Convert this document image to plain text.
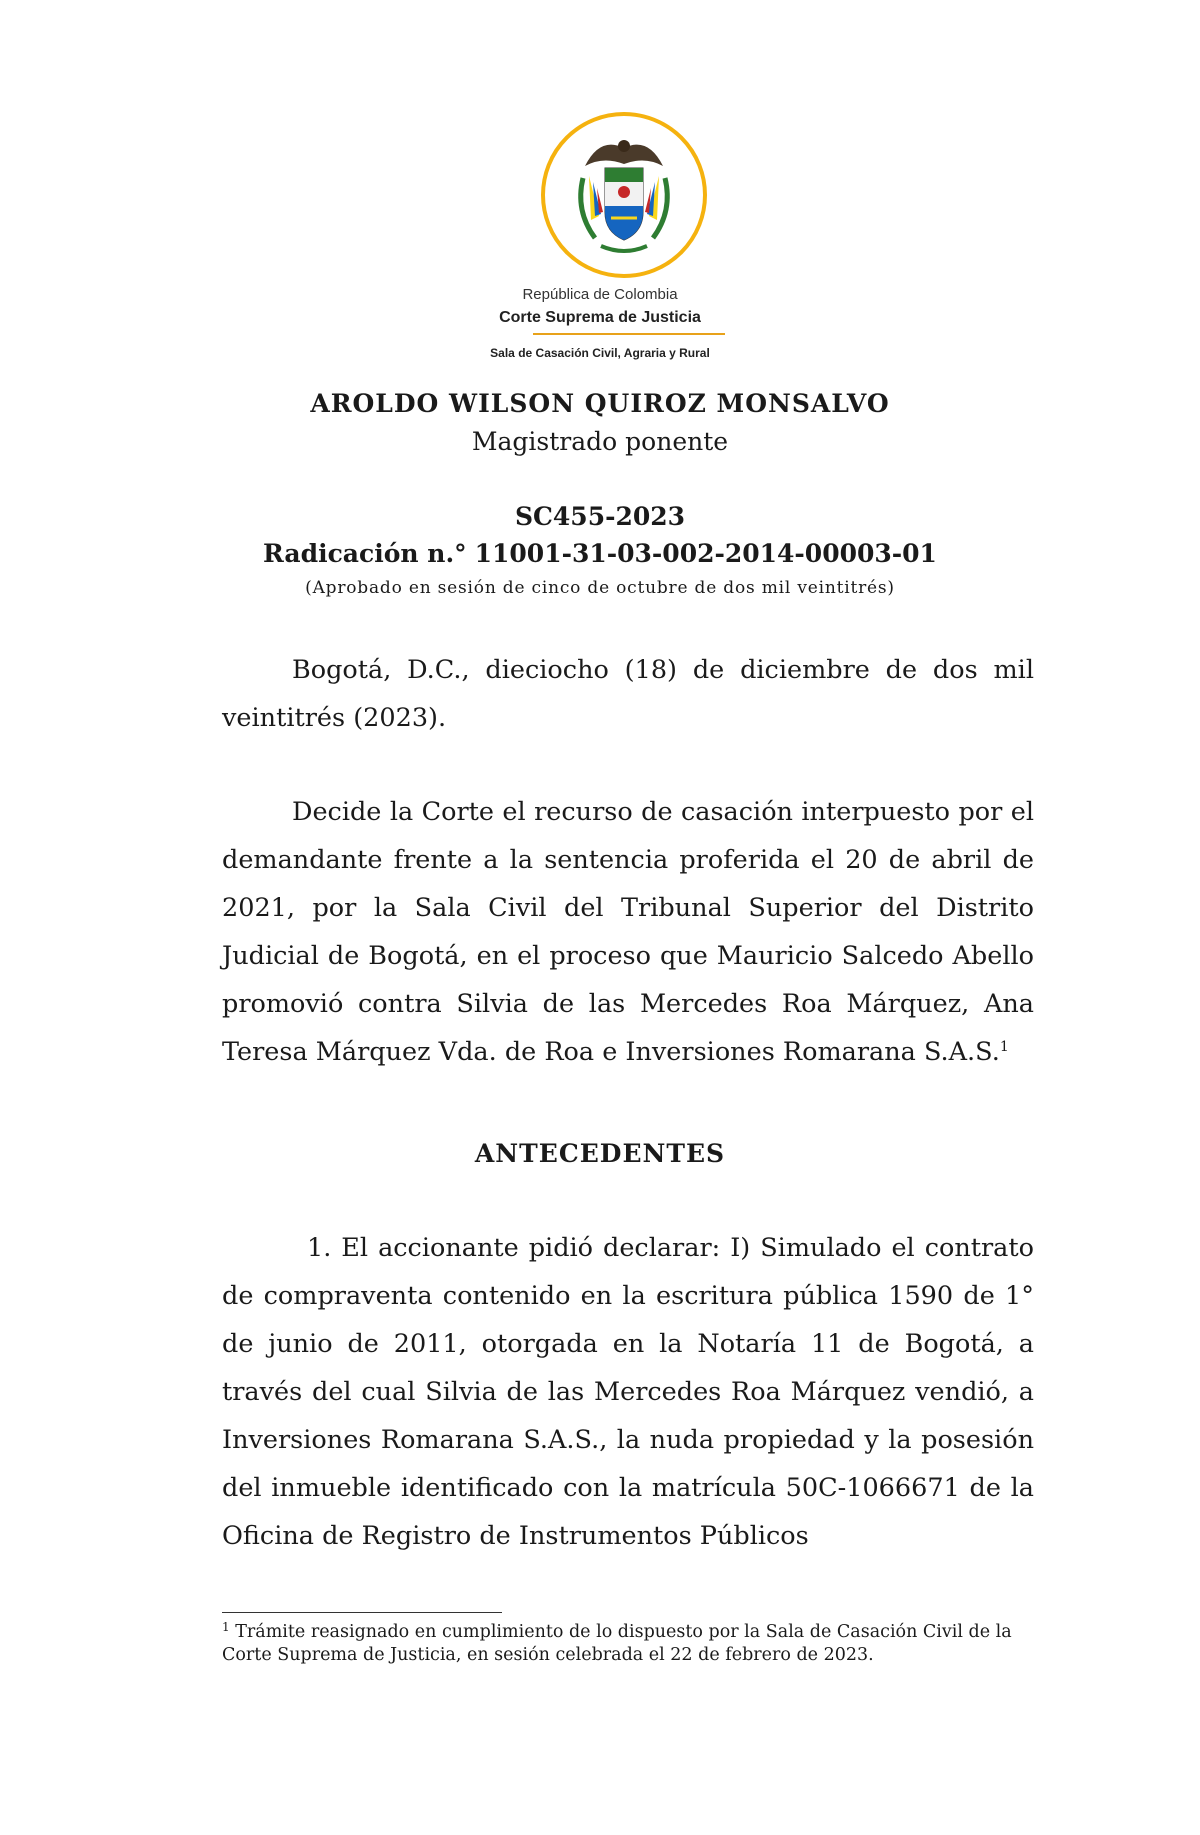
República de Colombia
Corte Suprema de Justicia
Sala de Casación Civil, Agraria y Rural
AROLDO WILSON QUIROZ MONSALVO
Magistrado ponente
SC455-2023
Radicación n.° 11001-31-03-002-2014-00003-01
(Aprobado en sesión de cinco de octubre de dos mil veintitrés)

Bogotá, D.C., dieciocho (18) de diciembre de dos mil veintitrés (2023).

Decide la Corte el recurso de casación interpuesto por el demandante frente a la sentencia proferida el 20 de abril de 2021, por la Sala Civil del Tribunal Superior del Distrito Judicial de Bogotá, en el proceso que Mauricio Salcedo Abello promovió contra Silvia de las Mercedes Roa Márquez, Ana Teresa Márquez Vda. de Roa e Inversiones Romarana S.A.S.$^1$

ANTECEDENTES

1. El accionante pidió declarar: I) Simulado el contrato de compraventa contenido en la escritura pública 1590 de 1° de junio de 2011, otorgada en la Notaría 11 de Bogotá, a través del cual Silvia de las Mercedes Roa Márquez vendió, a Inversiones Romarana S.A.S., la nuda propiedad y la posesión del inmueble identificado con la matrícula 50C-1066671 de la Oficina de Registro de Instrumentos Públicos

$^1$ Trámite reasignado en cumplimiento de lo dispuesto por la Sala de Casación Civil de la Corte Suprema de Justicia, en sesión celebrada el 22 de febrero de 2023.
